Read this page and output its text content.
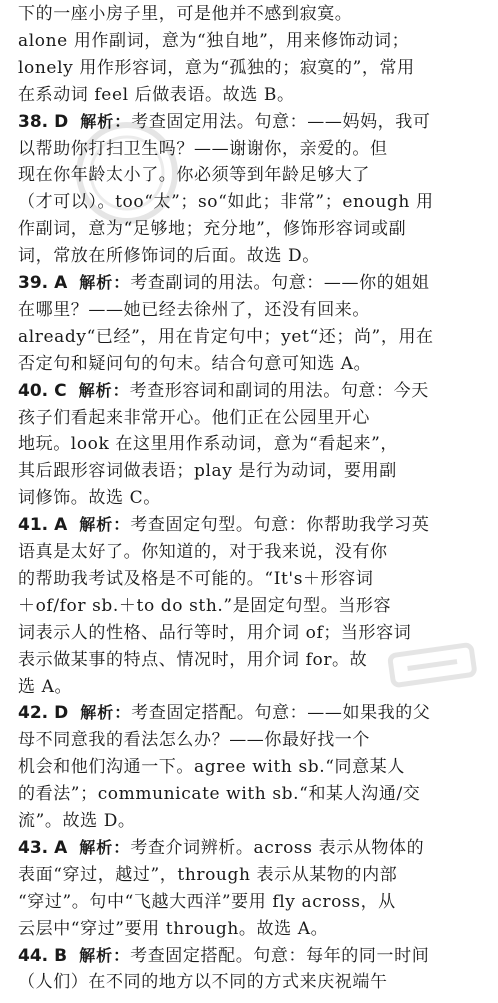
下的一座小房子里，可是他并不感到寂寞。
alone 用作副词，意为“独自地”，用来修饰动词；
lonely 用作形容词，意为“孤独的；寂寞的”，常用
在系动词 feel 后做表语。故选 B。
38. D 解析：考查固定用法。句意：——妈妈，我可
以帮助你打扫卫生吗？——谢谢你，亲爱的。但
现在你年龄太小了。你必须等到年龄足够大了
（才可以）。too“太”；so“如此；非常”；enough 用
作副词，意为“足够地；充分地”，修饰形容词或副
词，常放在所修饰词的后面。故选 D。
39. A 解析：考查副词的用法。句意：——你的姐姐
在哪里？——她已经去徐州了，还没有回来。
already“已经”，用在肯定句中；yet“还；尚”，用在
否定句和疑问句的句末。结合句意可知选 A。
40. C 解析：考查形容词和副词的用法。句意：今天
孩子们看起来非常开心。他们正在公园里开心
地玩。look 在这里用作系动词，意为“看起来”，
其后跟形容词做表语；play 是行为动词，要用副
词修饰。故选 C。
41. A 解析：考查固定句型。句意：你帮助我学习英
语真是太好了。你知道的，对于我来说，没有你
的帮助我考试及格是不可能的。“It's＋形容词
＋of/for sb.＋to do sth.”是固定句型。当形容
词表示人的性格、品行等时，用介词 of；当形容词
表示做某事的特点、情况时，用介词 for。故
选 A。
42. D 解析：考查固定搭配。句意：——如果我的父
母不同意我的看法怎么办？——你最好找一个
机会和他们沟通一下。agree with sb.“同意某人
的看法”；communicate with sb.“和某人沟通/交
流”。故选 D。
43. A 解析：考查介词辨析。across 表示从物体的
表面“穿过，越过”，through 表示从某物的内部
“穿过”。句中“飞越大西洋”要用 fly across，从
云层中“穿过”要用 through。故选 A。
44. B 解析：考查固定搭配。句意：每年的同一时间
（人们）在不同的地方以不同的方式来庆祝端午
